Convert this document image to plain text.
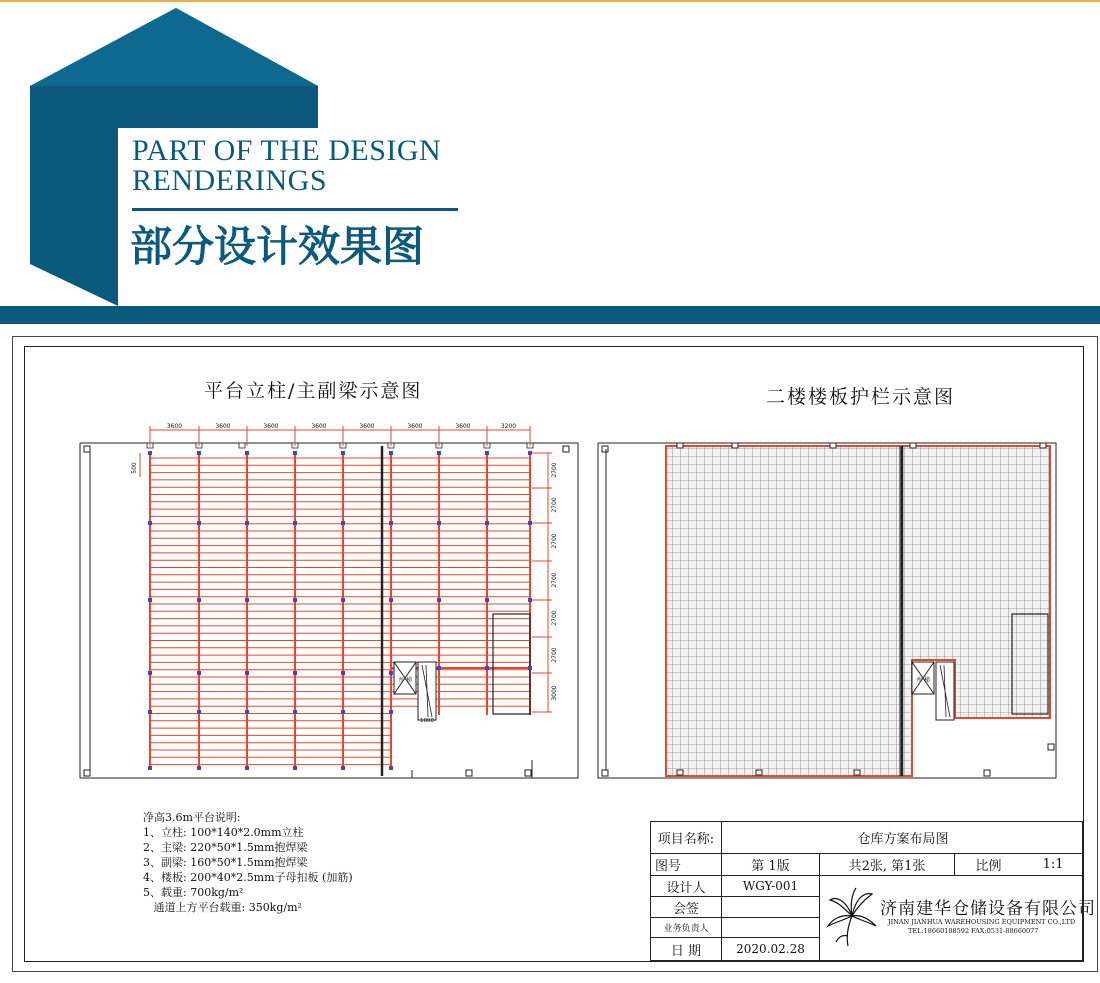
PART OF THE DESIGN
RENDERINGS
部分设计效果图
平台立柱/主副梁示意图	二楼楼板护栏示意图
井 梯
3600	3600	3600	3600	3600	3600	3600	3200
2700
2700
2700
2700
2700
2700
3000
500
1000
井 梯
净高3.6m平台说明:
1、立柱: 100*140*2.0mm立柱
2、主梁: 220*50*1.5mm抱焊梁
3、副梁: 160*50*1.5mm抱焊梁
4、楼板: 200*40*2.5mm子母扣板 (加筋)
5、载重: 700kg/m²
通道上方平台载重: 350kg/m²
项目名称:	仓库方案布局图
图号	第 1版	共2张, 第1张	比例	1:1
设计人	WGY-001
会签
业务负责人
日 期	2020.02.28
济南建华仓储设备有限公司
JINAN JIANHUA WAREHOUSING EQUIPMENT CO.,LTD
TEL:18660188592 FAX:0531-88660077
